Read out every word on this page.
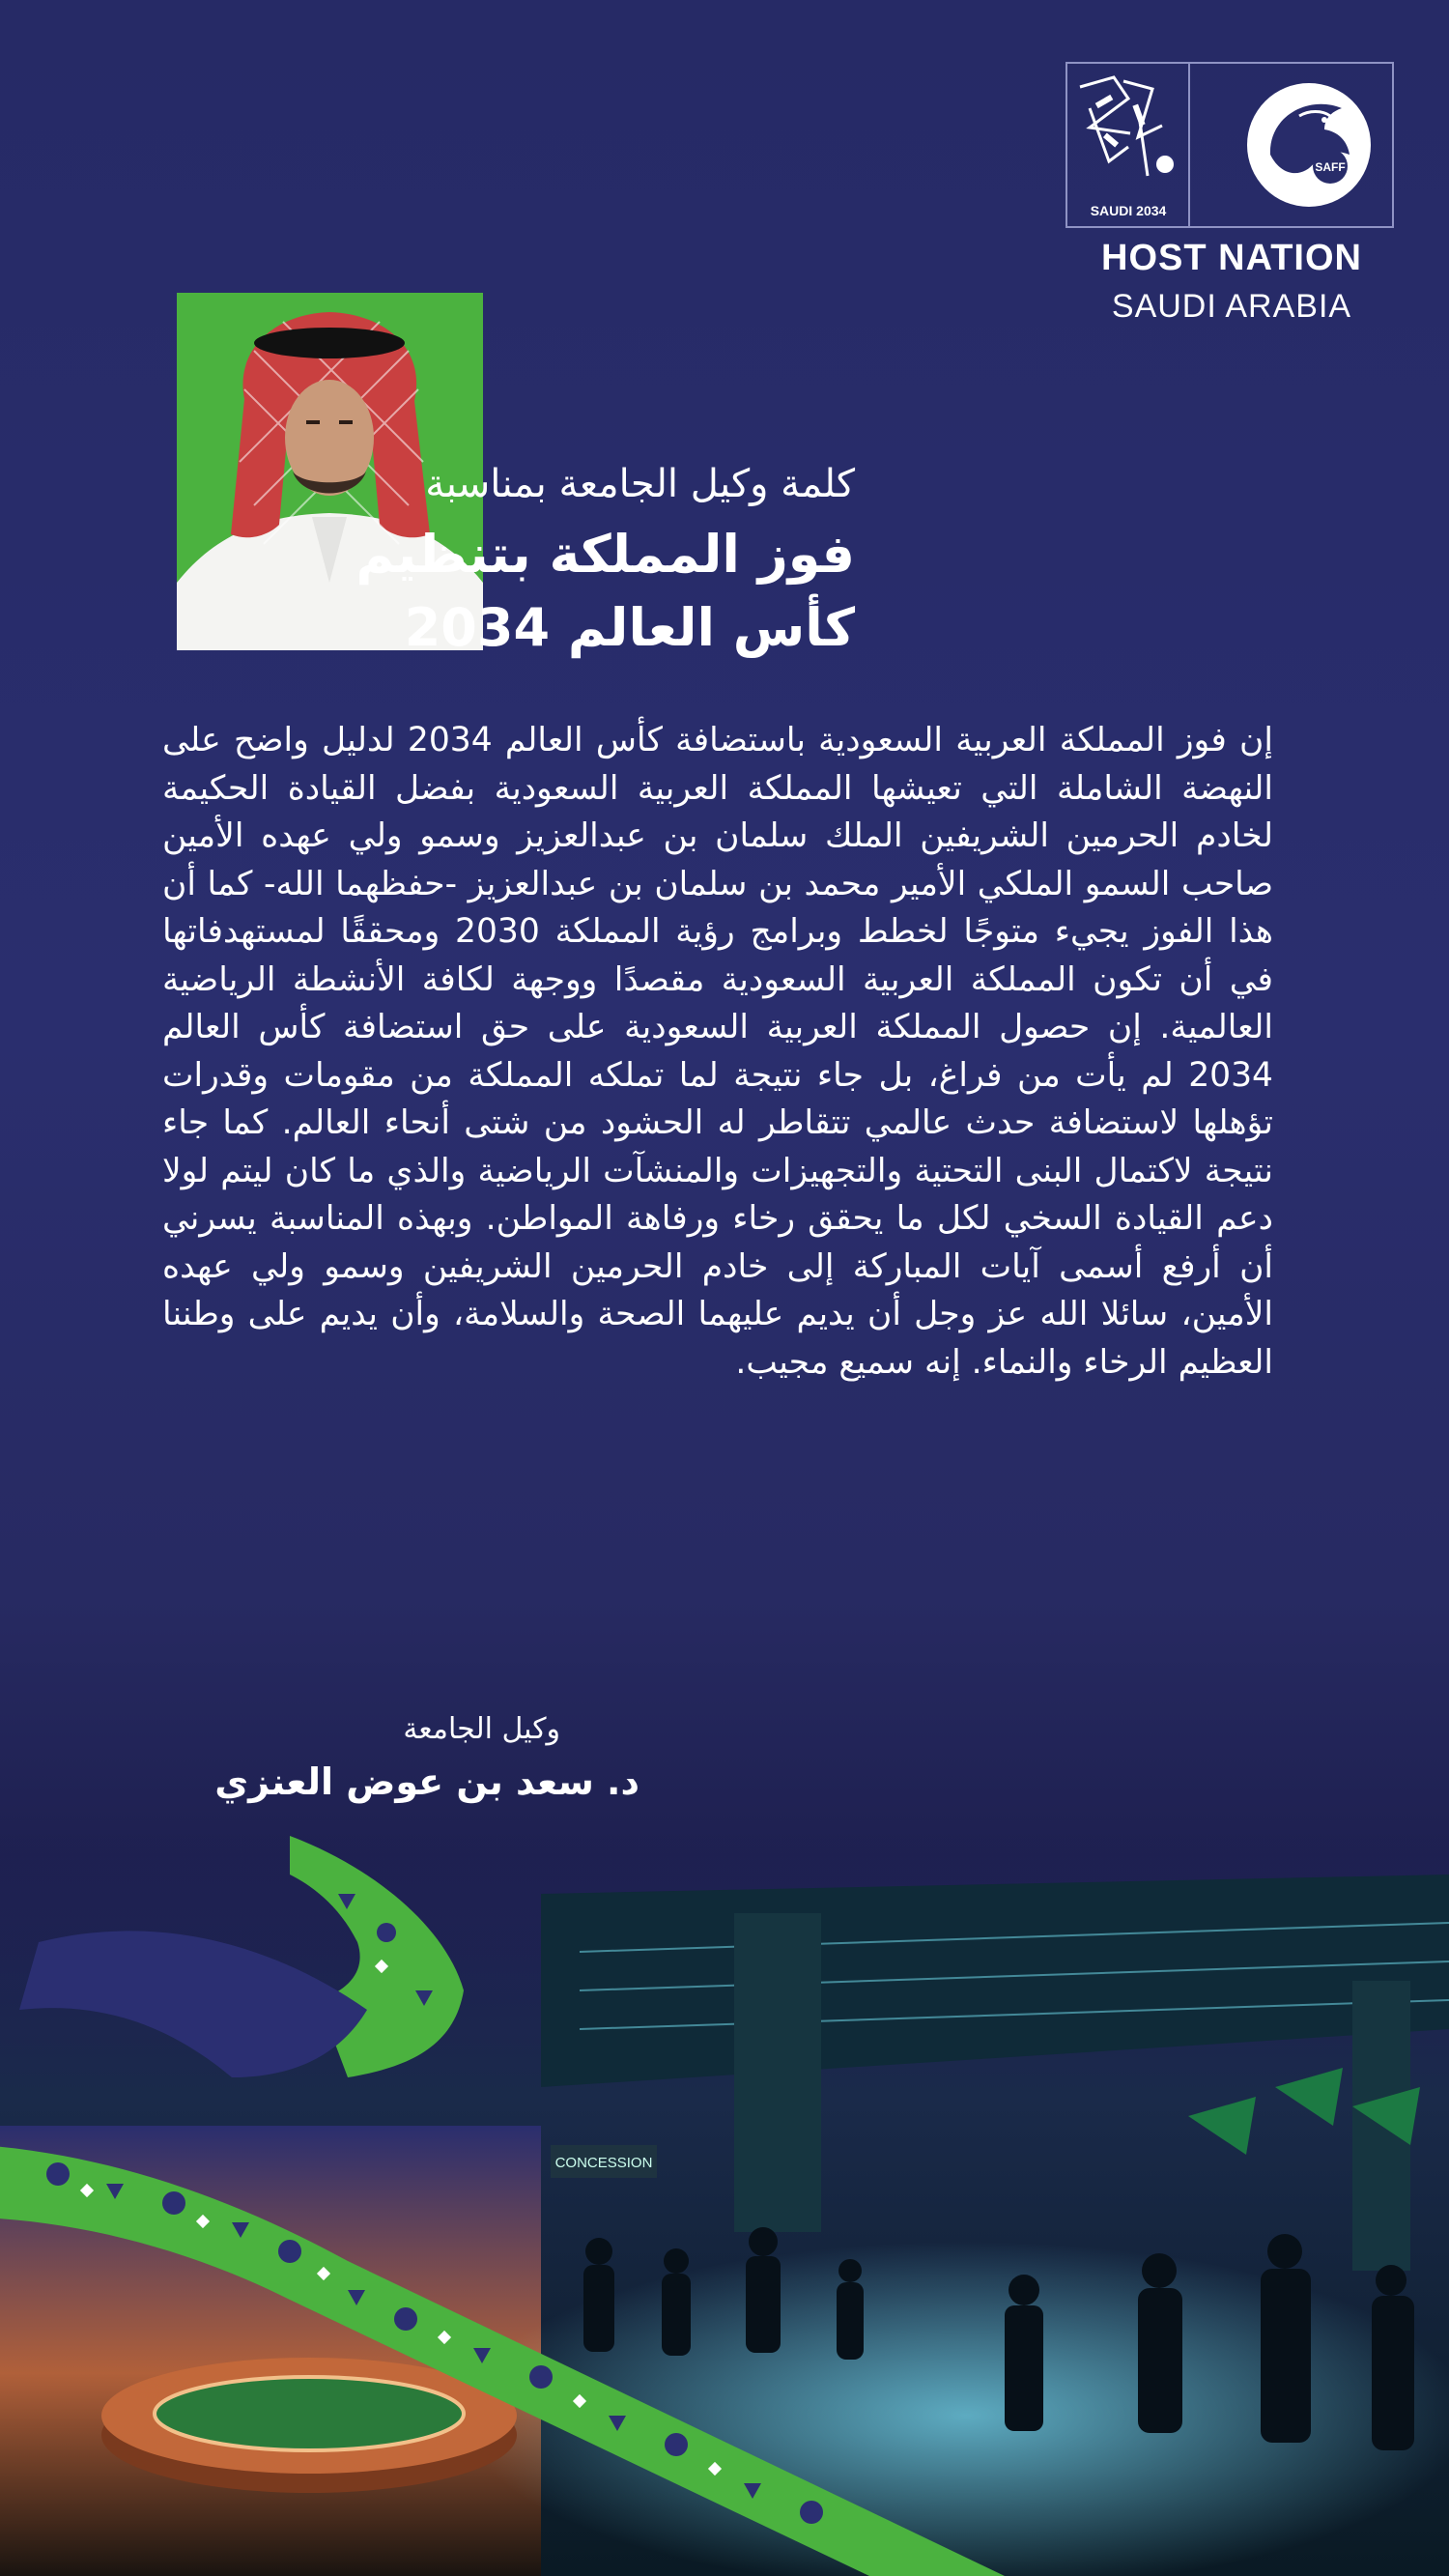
SAUDI 2034
SAFF
HOST NATION
SAUDI ARABIA
كلمة وكيل الجامعة بمناسبة
فوز المملكة بتنظيم
كأس العالم 2034
إن فوز المملكة العربية السعودية باستضافة كأس العالم 2034 لدليل واضح على النهضة الشاملة التي تعيشها المملكة العربية السعودية بفضل القيادة الحكيمة لخادم الحرمين الشريفين الملك سلمان بن عبدالعزيز وسمو ولي عهده الأمين صاحب السمو الملكي الأمير محمد بن سلمان بن عبدالعزيز -حفظهما الله- كما أن هذا الفوز يجيء متوجًا لخطط وبرامج رؤية المملكة 2030 ومحققًا لمستهدفاتها في أن تكون المملكة العربية السعودية مقصدًا ووجهة لكافة الأنشطة الرياضية العالمية. إن حصول المملكة العربية السعودية على حق استضافة كأس العالم 2034 لم يأت من فراغ، بل جاء نتيجة لما تملكه المملكة من مقومات وقدرات تؤهلها لاستضافة حدث عالمي تتقاطر له الحشود من شتى أنحاء العالم. كما جاء نتيجة لاكتمال البنى التحتية والتجهيزات والمنشآت الرياضية والذي ما كان ليتم لولا دعم القيادة السخي لكل ما يحقق رخاء ورفاهة المواطن. وبهذه المناسبة يسرني أن أرفع أسمى آيات المباركة إلى خادم الحرمين الشريفين وسمو ولي عهده الأمين، سائلا الله عز وجل أن يديم عليهما الصحة والسلامة، وأن يديم على وطننا العظيم الرخاء والنماء. إنه سميع مجيب.
وكيل الجامعة
د. سعد بن عوض العنزي
CONCESSION
